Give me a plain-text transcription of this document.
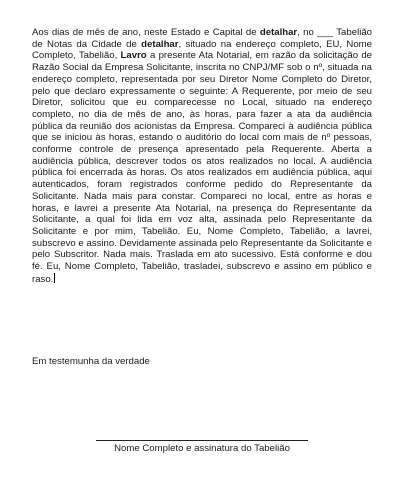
Aos dias de mês de ano, neste Estado e Capital de detalhar, no ___ Tabelião de Notas da Cidade de detalhar, situado na endereço completo, EU, Nome Completo, Tabelião, Lavro a presente Ata Notarial, em razão da solicitação de Razão Social da Empresa Solicitante, inscrita no CNPJ/MF sob o nº, situada na endereço completo, representada por seu Diretor Nome Completo do Diretor, pelo que declaro expressamente o seguinte: A Requerente, por meio de seu Diretor, solicitou que eu comparecesse no Local, situado na endereço completo, no dia de mês de ano, às horas, para fazer a ata da audiência pública da reunião dos acionistas da Empresa. Compareci à audiência pública que se iniciou às horas, estando o auditório do local com mais de nº pessoas, conforme controle de presença apresentado pela Requerente. Aberta a audiência pública, descrever todos os atos realizados no local. A audiência pública foi encerrada às horas. Os atos realizados em audiência pública, aqui autenticados, foram registrados conforme pedido do Representante da Solicitante. Nada mais para constar. Compareci no local, entre as horas e horas, e lavrei a presente Ata Notarial, na presença do Representante da Solicitante, a qual foi lida em voz alta, assinada pelo Representante da Solicitante e por mim, Tabelião. Eu, Nome Completo, Tabelião, a lavrei, subscrevo e assino. Devidamente assinada pelo Representante da Solicitante e pelo Subscritor. Nada mais. Traslada em ato sucessivo. Está conforme e dou fé. Eu, Nome Completo, Tabelião, trasladei, subscrevo e assino em público e raso.

Em testemunha da verdade

Nome Completo e assinatura do Tabelião
